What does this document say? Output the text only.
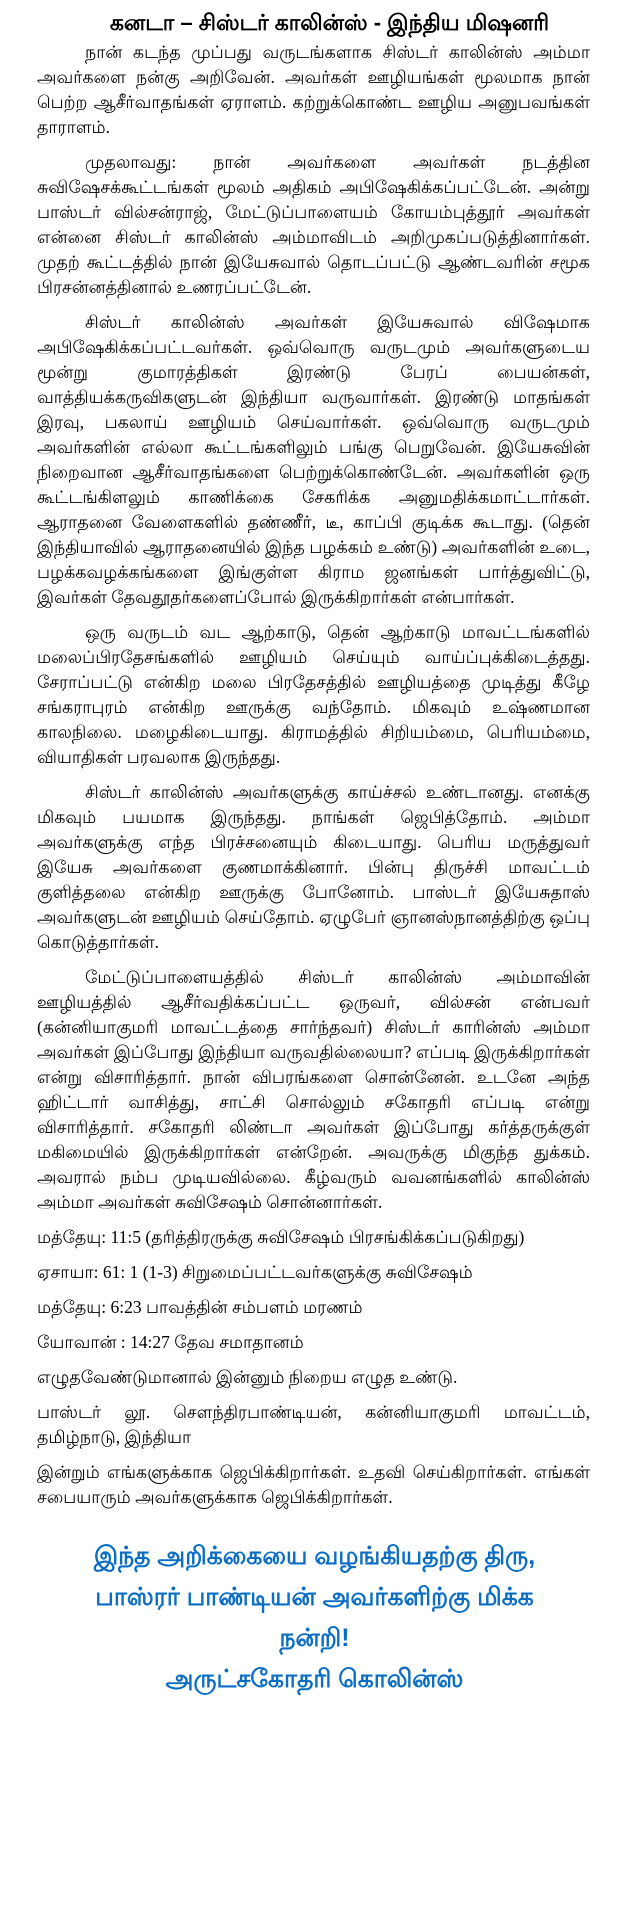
கனடா – சிஸ்டர் காலின்ஸ் - இந்திய மிஷனரி

நான் கடந்த முப்பது வருடங்களாக சிஸ்டர் காலின்ஸ் அம்மா அவர்களை நன்கு அறிவேன். அவர்கள் ஊழியங்கள் மூலமாக நான் பெற்ற ஆசீர்வாதங்கள் ஏராளம். கற்றுக்கொண்ட ஊழிய அனுபவங்கள் தாராளம்.

முதலாவது: நான் அவர்களை அவர்கள் நடத்தின சுவிஷேசக்கூட்டங்கள் மூலம் அதிகம் அபிஷேகிக்கப்பட்டேன். அன்று பாஸ்டர் வில்சன்ராஜ், மேட்டுப்பாளையம் கோயம்புத்தூர் அவர்கள் என்னை சிஸ்டர் காலின்ஸ் அம்மாவிடம் அறிமுகப்படுத்தினார்கள். முதற் கூட்டத்தில் நான் இயேசுவால் தொடப்பட்டு ஆண்டவரின் சமூக பிரசன்னத்தினால் உணரப்பட்டேன்.

சிஸ்டர் காலின்ஸ் அவர்கள் இயேசுவால் விஷேமாக அபிஷேகிக்கப்பட்டவர்கள். ஒவ்வொரு வருடமும் அவர்களுடைய மூன்று குமாரத்திகள் இரண்டு பேரப் பையன்கள், வாத்தியக்கருவிகளுடன் இந்தியா வருவார்கள். இரண்டு மாதங்கள் இரவு, பகலாய் ஊழியம் செய்வார்கள். ஒவ்வொரு வருடமும் அவர்களின் எல்லா கூட்டங்களிலும் பங்கு பெறுவேன். இயேசுவின் நிறைவான ஆசீர்வாதங்களை பெற்றுக்கொண்டேன். அவர்களின் ஒரு கூட்டங்கிளலும் காணிக்கை சேகரிக்க அனுமதிக்கமாட்டார்கள். ஆராதனை வேளைகளில் தண்ணீர், டீ, காப்பி குடிக்க கூடாது. (தென் இந்தியாவில் ஆராதனையில் இந்த பழக்கம் உண்டு) அவர்களின் உடை, பழக்கவழக்கங்களை இங்குள்ள கிராம ஜனங்கள் பார்த்துவிட்டு, இவர்கள் தேவதூதர்களைப்போல் இருக்கிறார்கள் என்பார்கள்.

ஒரு வருடம் வட ஆற்காடு, தென் ஆற்காடு மாவட்டங்களில் மலைப்பிரதேசங்களில் ஊழியம் செய்யும் வாய்ப்புக்கிடைத்தது. சேராப்பட்டு என்கிற மலை பிரதேசத்தில் ஊழியத்தை முடித்து கீழே சங்கராபுரம் என்கிற ஊருக்கு வந்தோம். மிகவும் உஷ்ணமான காலநிலை. மழைகிடையாது. கிராமத்தில் சிறியம்மை, பெரியம்மை, வியாதிகள் பரவலாக இருந்தது.

சிஸ்டர் காலின்ஸ் அவர்களுக்கு காய்ச்சல் உண்டானது. எனக்கு மிகவும் பயமாக இருந்தது. நாங்கள் ஜெபித்தோம். அம்மா அவர்களுக்கு எந்த பிரச்சனையும் கிடையாது. பெரிய மருத்துவர் இயேசு அவர்களை குணமாக்கினார். பின்பு திருச்சி மாவட்டம் குளித்தலை என்கிற ஊருக்கு போனோம். பாஸ்டர் இயேசுதாஸ் அவர்களுடன் ஊழியம் செய்தோம். ஏழுபேர் ஞானஸ்நானத்திற்கு ஒப்பு கொடுத்தார்கள்.

மேட்டுப்பாளையத்தில் சிஸ்டர் காலின்ஸ் அம்மாவின் ஊழியத்தில் ஆசீர்வதிக்கப்பட்ட ஒருவர், வில்சன் என்பவர் (கன்னியாகுமரி மாவட்டத்தை சார்ந்தவர்) சிஸ்டர் காரின்ஸ் அம்மா அவர்கள் இப்போது இந்தியா வருவதில்லையா? எப்படி இருக்கிறார்கள் என்று விசாரித்தார். நான் விபரங்களை சொன்னேன். உடனே அந்த ஹிட்டார் வாசித்து, சாட்சி சொல்லும் சகோதரி எப்படி என்று விசாரித்தார். சகோதரி லிண்டா அவர்கள் இப்போது கர்த்தருக்குள் மகிமையில் இருக்கிறார்கள் என்றேன். அவருக்கு மிகுந்த துக்கம். அவரால் நம்ப முடியவில்லை. கீழ்வரும் வவனங்களில் காலின்ஸ் அம்மா அவர்கள் சுவிசேஷம் சொன்னார்கள்.

மத்தேயு: 11:5 (தரித்திரருக்கு சுவிசேஷம் பிரசங்கிக்கப்படுகிறது)

ஏசாயா: 61: 1 (1-3) சிறுமைப்பட்டவர்களுக்கு சுவிசேஷம்

மத்தேயு: 6:23 பாவத்தின் சம்பளம் மரணம்

யோவான் : 14:27 தேவ சமாதானம்

எழுதவேண்டுமானால் இன்னும் நிறைய எழுத உண்டு.

பாஸ்டர் லூ. சௌந்திரபாண்டியன், கன்னியாகுமரி மாவட்டம், தமிழ்நாடு, இந்தியா

இன்றும் எங்களுக்காக ஜெபிக்கிறார்கள். உதவி செய்கிறார்கள். எங்கள் சபையாரும் அவர்களுக்காக ஜெபிக்கிறார்கள்.

இந்த அறிக்கையை வழங்கியதற்கு திரு,
பாஸ்ரர் பாண்டியன் அவர்களிற்கு மிக்க
நன்றி!
அருட்சகோதரி கொலின்ஸ்
